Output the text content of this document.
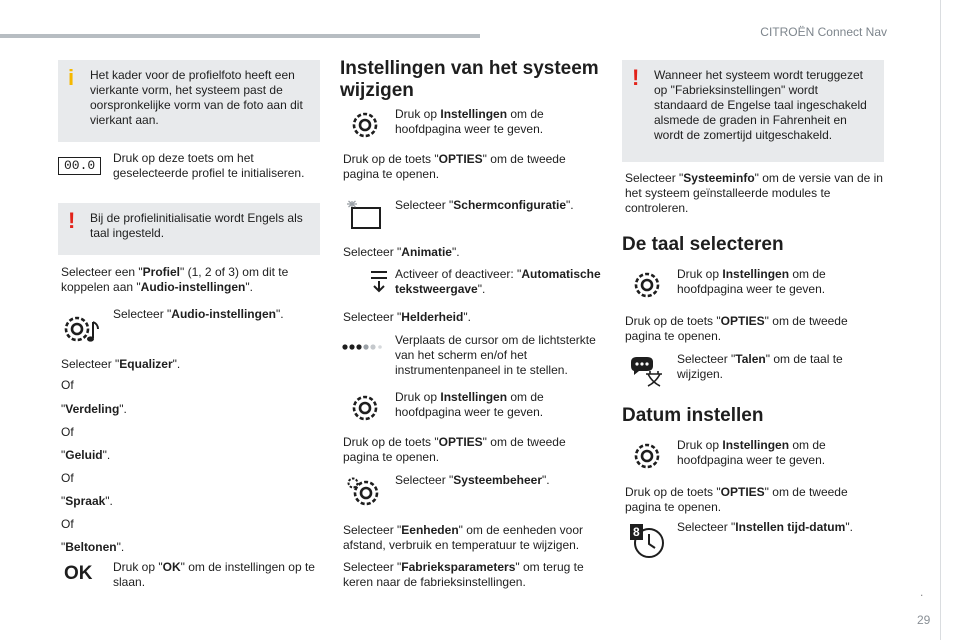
CITROËN Connect Nav
.
29
i	Het kader voor de profielfoto heeft een vierkante vorm, het systeem past de oorspronkelijke vorm van de foto aan dit vierkant aan.
00.0	Druk op deze toets om het geselecteerde profiel te initialiseren.
!	Bij de profielinitialisatie wordt Engels als taal ingesteld.
Selecteer een "Profiel" (1, 2 of 3) om dit te koppelen aan "Audio-instellingen".
Selecteer "Audio-instellingen".
Selecteer "Equalizer".
Of
"Verdeling".
Of
"Geluid".
Of
"Spraak".
Of
"Beltonen".
OK Druk op "OK" om de instellingen op te slaan.
Instellingen van het systeem wijzigen
Druk op Instellingen om de hoofdpagina weer te geven.
Druk op de toets "OPTIES" om de tweede pagina te openen.
Selecteer "Schermconfiguratie".
Selecteer "Animatie".
Activeer of deactiveer: "Automatische tekstweergave".
Selecteer "Helderheid".
Verplaats de cursor om de lichtsterkte van het scherm en/of het instrumentenpaneel in te stellen.
Druk op Instellingen om de hoofdpagina weer te geven.
Druk op de toets "OPTIES" om de tweede pagina te openen.
Selecteer "Systeembeheer".
Selecteer "Eenheden" om de eenheden voor afstand, verbruik en temperatuur te wijzigen.
Selecteer "Fabrieksparameters" om terug te keren naar de fabrieksinstellingen.
!	Wanneer het systeem wordt teruggezet op "Fabrieksinstellingen" wordt standaard de Engelse taal ingeschakeld alsmede de graden in Fahrenheit en wordt de zomertijd uitgeschakeld.
Selecteer "Systeeminfo" om de versie van de in het systeem geïnstalleerde modules te controleren.
De taal selecteren
Druk op Instellingen om de hoofdpagina weer te geven.
Druk op de toets "OPTIES" om de tweede pagina te openen.
Selecteer "Talen" om de taal te wijzigen.
Datum instellen
Druk op Instellingen om de hoofdpagina weer te geven.
Druk op de toets "OPTIES" om de tweede pagina te openen.
8	Selecteer "Instellen tijd-datum".
